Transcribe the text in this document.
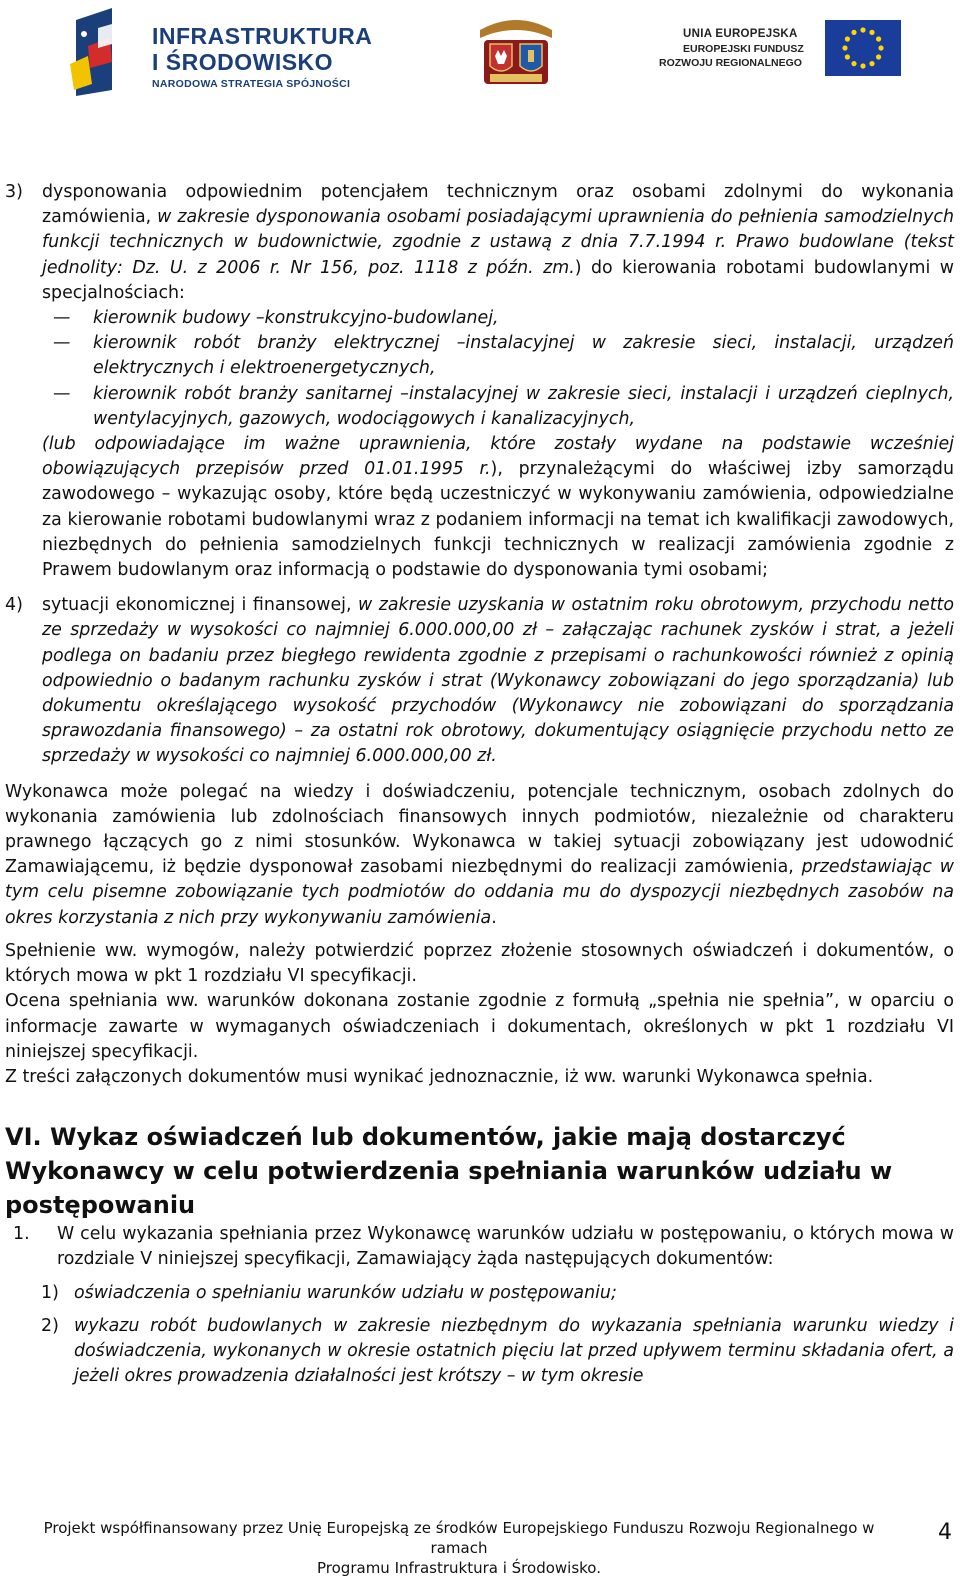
INFRASTRUKTURA
I ŚRODOWISKO
NARODOWA STRATEGIA SPÓJNOŚCI
UNIA EUROPEJSKA
EUROPEJSKI FUNDUSZ
ROZWOJU REGIONALNEGO
3) dysponowania odpowiednim potencjałem technicznym oraz osobami zdolnymi do wykonania zamówienia, w zakresie dysponowania osobami posiadającymi uprawnienia do pełnienia samodzielnych funkcji technicznych w budownictwie, zgodnie z ustawą z dnia 7.7.1994 r. Prawo budowlane (tekst jednolity: Dz. U. z 2006 r. Nr 156, poz. 1118 z późn. zm.) do kierowania robotami budowlanymi w specjalnościach:
— kierownik budowy –konstrukcyjno-budowlanej,
— kierownik robót branży elektrycznej –instalacyjnej w zakresie sieci, instalacji, urządzeń elektrycznych i elektroenergetycznych,
— kierownik robót branży sanitarnej –instalacyjnej w zakresie sieci, instalacji i urządzeń cieplnych, wentylacyjnych, gazowych, wodociągowych i kanalizacyjnych,
(lub odpowiadające im ważne uprawnienia, które zostały wydane na podstawie wcześniej obowiązujących przepisów przed 01.01.1995 r.), przynależącymi do właściwej izby samorządu zawodowego – wykazując osoby, które będą uczestniczyć w wykonywaniu zamówienia, odpowiedzialne za kierowanie robotami budowlanymi wraz z podaniem informacji na temat ich kwalifikacji zawodowych, niezbędnych do pełnienia samodzielnych funkcji technicznych w realizacji zamówienia zgodnie z Prawem budowlanym oraz informacją o podstawie do dysponowania tymi osobami;
4) sytuacji ekonomicznej i finansowej, w zakresie uzyskania w ostatnim roku obrotowym, przychodu netto ze sprzedaży w wysokości co najmniej 6.000.000,00 zł – załączając rachunek zysków i strat, a jeżeli podlega on badaniu przez biegłego rewidenta zgodnie z przepisami o rachunkowości również z opinią odpowiednio o badanym rachunku zysków i strat (Wykonawcy zobowiązani do jego sporządzania) lub dokumentu określającego wysokość przychodów (Wykonawcy nie zobowiązani do sporządzania sprawozdania finansowego) – za ostatni rok obrotowy, dokumentujący osiągnięcie przychodu netto ze sprzedaży w wysokości co najmniej 6.000.000,00 zł.

Wykonawca może polegać na wiedzy i doświadczeniu, potencjale technicznym, osobach zdolnych do wykonania zamówienia lub zdolnościach finansowych innych podmiotów, niezależnie od charakteru prawnego łączących go z nimi stosunków. Wykonawca w takiej sytuacji zobowiązany jest udowodnić Zamawiającemu, iż będzie dysponował zasobami niezbędnymi do realizacji zamówienia, przedstawiając w tym celu pisemne zobowiązanie tych podmiotów do oddania mu do dyspozycji niezbędnych zasobów na okres korzystania z nich przy wykonywaniu zamówienia.

Spełnienie ww. wymogów, należy potwierdzić poprzez złożenie stosownych oświadczeń i dokumentów, o których mowa w pkt 1 rozdziału VI specyfikacji.

Ocena spełniania ww. warunków dokonana zostanie zgodnie z formułą „spełnia nie spełnia”, w oparciu o informacje zawarte w wymaganych oświadczeniach i dokumentach, określonych w pkt 1 rozdziału VI niniejszej specyfikacji.

Z treści załączonych dokumentów musi wynikać jednoznacznie, iż ww. warunki Wykonawca spełnia.

VI. Wykaz oświadczeń lub dokumentów, jakie mają dostarczyć Wykonawcy w celu potwierdzenia spełniania warunków udziału w postępowaniu
1. W celu wykazania spełniania przez Wykonawcę warunków udziału w postępowaniu, o których mowa w rozdziale V niniejszej specyfikacji, Zamawiający żąda następujących dokumentów:
1) oświadczenia o spełnianiu warunków udziału w postępowaniu;
2) wykazu robót budowlanych w zakresie niezbędnym do wykazania spełniania warunku wiedzy i doświadczenia, wykonanych w okresie ostatnich pięciu lat przed upływem terminu składania ofert, a jeżeli okres prowadzenia działalności jest krótszy – w tym okresie
Projekt współfinansowany przez Unię Europejską ze środków Europejskiego Funduszu Rozwoju Regionalnego w ramach
Programu Infrastruktura i Środowisko.
4
